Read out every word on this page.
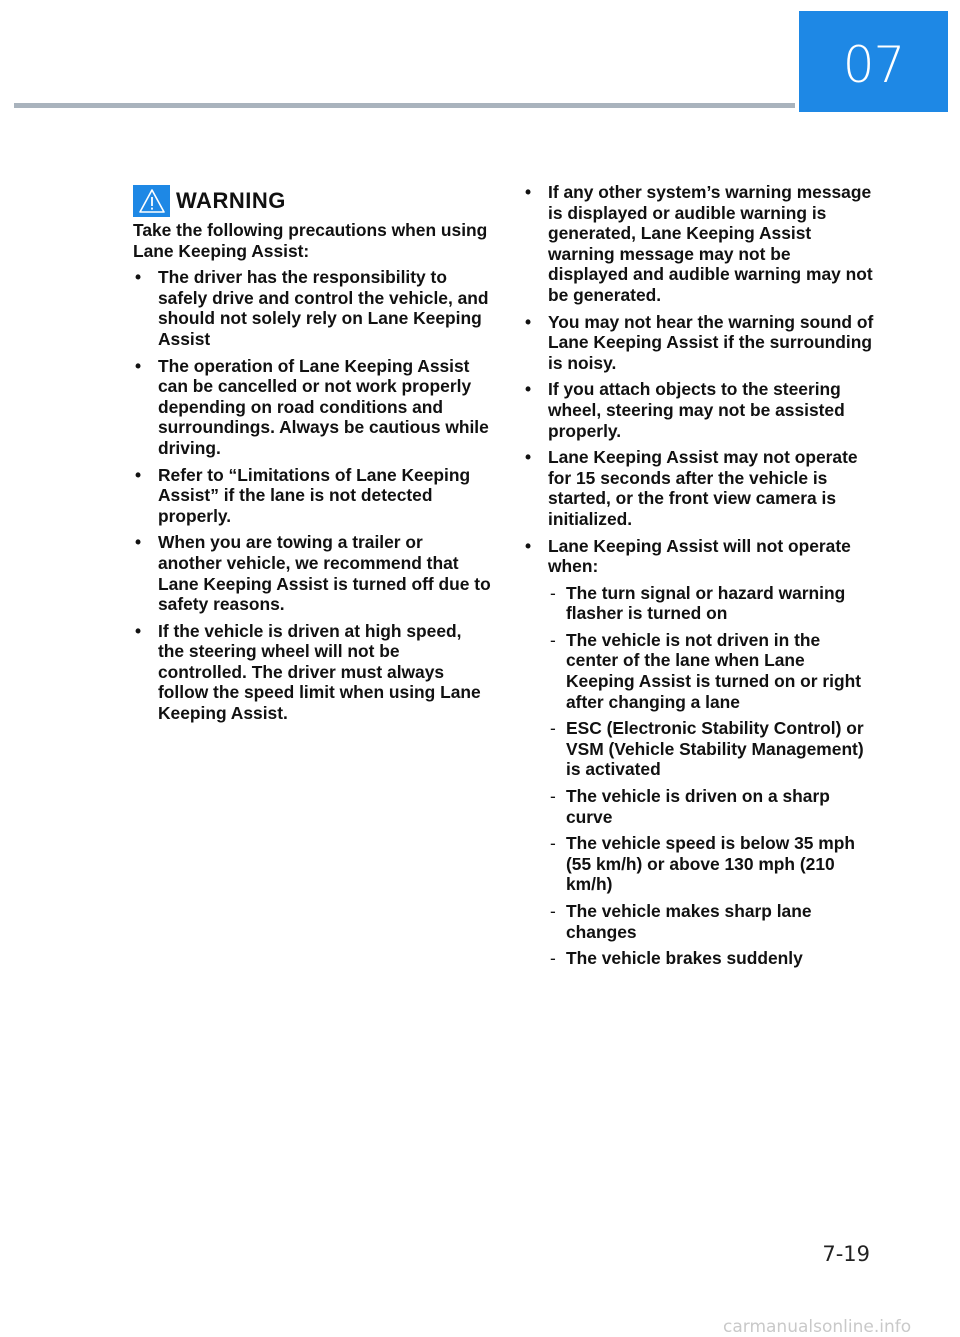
07
WARNING

Take the following precautions when using Lane Keeping Assist:

• The driver has the responsibility to safely drive and control the vehicle, and should not solely rely on Lane Keeping Assist
• The operation of Lane Keeping Assist can be cancelled or not work properly depending on road conditions and surroundings. Always be cautious while driving.
• Refer to “Limitations of Lane Keeping Assist” if the lane is not detected properly.
• When you are towing a trailer or another vehicle, we recommend that Lane Keeping Assist is turned off due to safety reasons.
• If the vehicle is driven at high speed, the steering wheel will not be controlled. The driver must always follow the speed limit when using Lane Keeping Assist.
• If any other system’s warning message is displayed or audible warning is generated, Lane Keeping Assist warning message may not be displayed and audible warning may not be generated.
• You may not hear the warning sound of Lane Keeping Assist if the surrounding is noisy.
• If you attach objects to the steering wheel, steering may not be assisted properly.
• Lane Keeping Assist may not operate for 15 seconds after the vehicle is started, or the front view camera is initialized.
• Lane Keeping Assist will not operate when:
- The turn signal or hazard warning flasher is turned on
- The vehicle is not driven in the center of the lane when Lane Keeping Assist is turned on or right after changing a lane
- ESC (Electronic Stability Control) or VSM (Vehicle Stability Management) is activated
- The vehicle is driven on a sharp curve
- The vehicle speed is below 35 mph (55 km/h) or above 130 mph (210 km/h)
- The vehicle makes sharp lane changes
- The vehicle brakes suddenly
7-19
carmanualsonline.info
